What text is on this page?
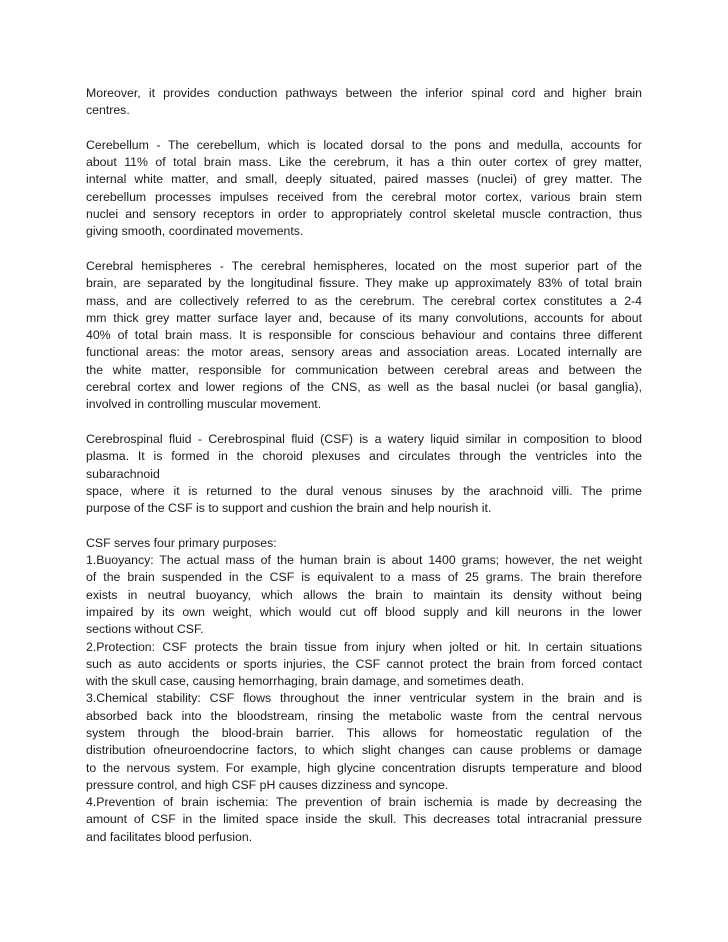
Moreover, it provides conduction pathways between the inferior spinal cord and higher brain
centres.
Cerebellum - The cerebellum, which is located dorsal to the pons and medulla, accounts for
about 11% of total brain mass. Like the cerebrum, it has a thin outer cortex of grey matter,
internal white matter, and small, deeply situated, paired masses (nuclei) of grey matter. The
cerebellum processes impulses received from the cerebral motor cortex, various brain stem
nuclei and sensory receptors in order to appropriately control skeletal muscle contraction, thus
giving smooth, coordinated movements.
Cerebral hemispheres - The cerebral hemispheres, located on the most superior part of the
brain, are separated by the longitudinal fissure. They make up approximately 83% of total brain
mass, and are collectively referred to as the cerebrum. The cerebral cortex constitutes a 2-4
mm thick grey matter surface layer and, because of its many convolutions, accounts for about
40% of total brain mass. It is responsible for conscious behaviour and contains three different
functional areas: the motor areas, sensory areas and association areas. Located internally are
the white matter, responsible for communication between cerebral areas and between the
cerebral cortex and lower regions of the CNS, as well as the basal nuclei (or basal ganglia),
involved in controlling muscular movement.
Cerebrospinal fluid - Cerebrospinal fluid (CSF) is a watery liquid similar in composition to blood
plasma. It is formed in the choroid plexuses and circulates through the ventricles into the
subarachnoid
space, where it is returned to the dural venous sinuses by the arachnoid villi. The prime
purpose of the CSF is to support and cushion the brain and help nourish it.
CSF serves four primary purposes:
1.Buoyancy: The actual mass of the human brain is about 1400 grams; however, the net weight
of the brain suspended in the CSF is equivalent to a mass of 25 grams. The brain therefore
exists in neutral buoyancy, which allows the brain to maintain its density without being
impaired by its own weight, which would cut off blood supply and kill neurons in the lower
sections without CSF.
2.Protection: CSF protects the brain tissue from injury when jolted or hit. In certain situations
such as auto accidents or sports injuries, the CSF cannot protect the brain from forced contact
with the skull case, causing hemorrhaging, brain damage, and sometimes death.
3.Chemical stability: CSF flows throughout the inner ventricular system in the brain and is
absorbed back into the bloodstream, rinsing the metabolic waste from the central nervous
system through the blood-brain barrier. This allows for homeostatic regulation of the
distribution ofneuroendocrine factors, to which slight changes can cause problems or damage
to the nervous system. For example, high glycine concentration disrupts temperature and blood
pressure control, and high CSF pH causes dizziness and syncope.
4.Prevention of brain ischemia: The prevention of brain ischemia is made by decreasing the
amount of CSF in the limited space inside the skull. This decreases total intracranial pressure
and facilitates blood perfusion.
